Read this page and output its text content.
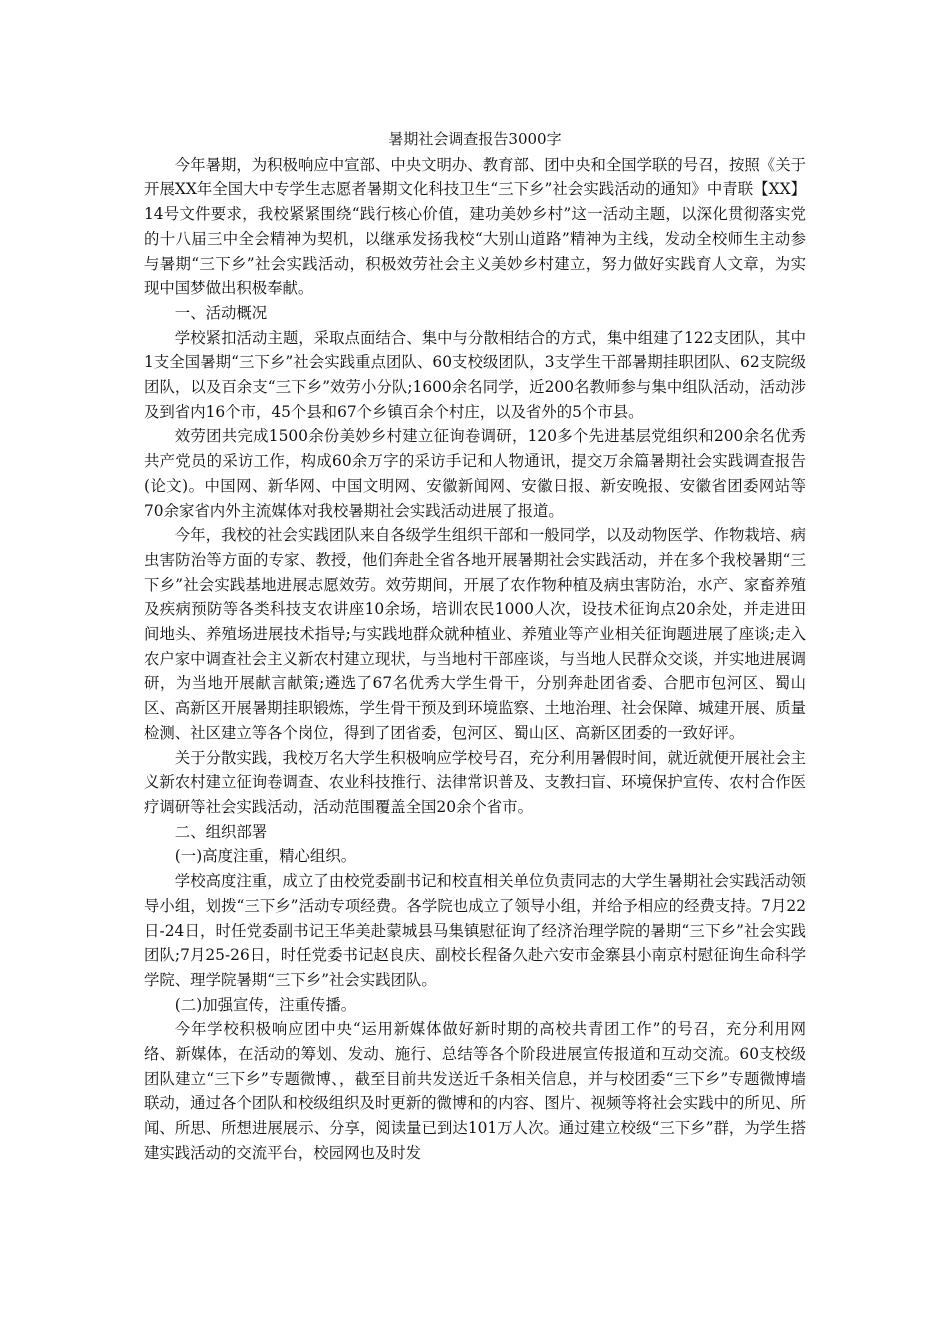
暑期社会调查报告3000字

今年暑期，为积极响应中宣部、中央文明办、教育部、团中央和全国学联的号召，按照《关于开展XX年全国大中专学生志愿者暑期文化科技卫生“三下乡”社会实践活动的通知》中青联【XX】14号文件要求，我校紧紧围绕“践行核心价值，建功美妙乡村”这一活动主题，以深化贯彻落实党的十八届三中全会精神为契机，以继承发扬我校“大别山道路”精神为主线，发动全校师生主动参与暑期“三下乡”社会实践活动，积极效劳社会主义美妙乡村建立，努力做好实践育人文章，为实现中国梦做出积极奉献。

一、活动概况

学校紧扣活动主题，采取点面结合、集中与分散相结合的方式，集中组建了122支团队，其中1支全国暑期“三下乡”社会实践重点团队、60支校级团队，3支学生干部暑期挂职团队、62支院级团队，以及百余支“三下乡”效劳小分队;1600余名同学，近200名教师参与集中组队活动，活动涉及到省内16个市，45个县和67个乡镇百余个村庄，以及省外的5个市县。

效劳团共完成1500余份美妙乡村建立征询卷调研，120多个先进基层党组织和200余名优秀共产党员的采访工作，构成60余万字的采访手记和人物通讯，提交万余篇暑期社会实践调查报告(论文)。中国网、新华网、中国文明网、安徽新闻网、安徽日报、新安晚报、安徽省团委网站等70余家省内外主流媒体对我校暑期社会实践活动进展了报道。

今年，我校的社会实践团队来自各级学生组织干部和一般同学，以及动物医学、作物栽培、病虫害防治等方面的专家、教授，他们奔赴全省各地开展暑期社会实践活动，并在多个我校暑期“三下乡”社会实践基地进展志愿效劳。效劳期间，开展了农作物种植及病虫害防治，水产、家畜养殖及疾病预防等各类科技支农讲座10余场，培训农民1000人次，设技术征询点20余处，并走进田间地头、养殖场进展技术指导;与实践地群众就种植业、养殖业等产业相关征询题进展了座谈;走入农户家中调查社会主义新农村建立现状，与当地村干部座谈，与当地人民群众交谈，并实地进展调研，为当地开展献言献策;遴选了67名优秀大学生骨干，分别奔赴团省委、合肥市包河区、蜀山区、高新区开展暑期挂职锻炼，学生骨干预及到环境监察、土地治理、社会保障、城建开展、质量检测、社区建立等各个岗位，得到了团省委，包河区、蜀山区、高新区团委的一致好评。

关于分散实践，我校万名大学生积极响应学校号召，充分利用暑假时间，就近就便开展社会主义新农村建立征询卷调查、农业科技推行、法律常识普及、支教扫盲、环境保护宣传、农村合作医疗调研等社会实践活动，活动范围覆盖全国20余个省市。

二、组织部署

(一)高度注重，精心组织。

学校高度注重，成立了由校党委副书记和校直相关单位负责同志的大学生暑期社会实践活动领导小组，划拨“三下乡”活动专项经费。各学院也成立了领导小组，并给予相应的经费支持。7月22日-24日，时任党委副书记王华美赴蒙城县马集镇慰征询了经济治理学院的暑期“三下乡”社会实践团队;7月25-26日，时任党委书记赵良庆、副校长程备久赴六安市金寨县小南京村慰征询生命科学学院、理学院暑期“三下乡”社会实践团队。

(二)加强宣传，注重传播。

今年学校积极响应团中央“运用新媒体做好新时期的高校共青团工作”的号召，充分利用网络、新媒体，在活动的筹划、发动、施行、总结等各个阶段进展宣传报道和互动交流。60支校级团队建立“三下乡”专题微博、，截至目前共发送近千条相关信息，并与校团委“三下乡”专题微博墙联动，通过各个团队和校级组织及时更新的微博和的内容、图片、视频等将社会实践中的所见、所闻、所思、所想进展展示、分享，阅读量已到达101万人次。通过建立校级“三下乡”群，为学生搭建实践活动的交流平台，校园网也及时发
